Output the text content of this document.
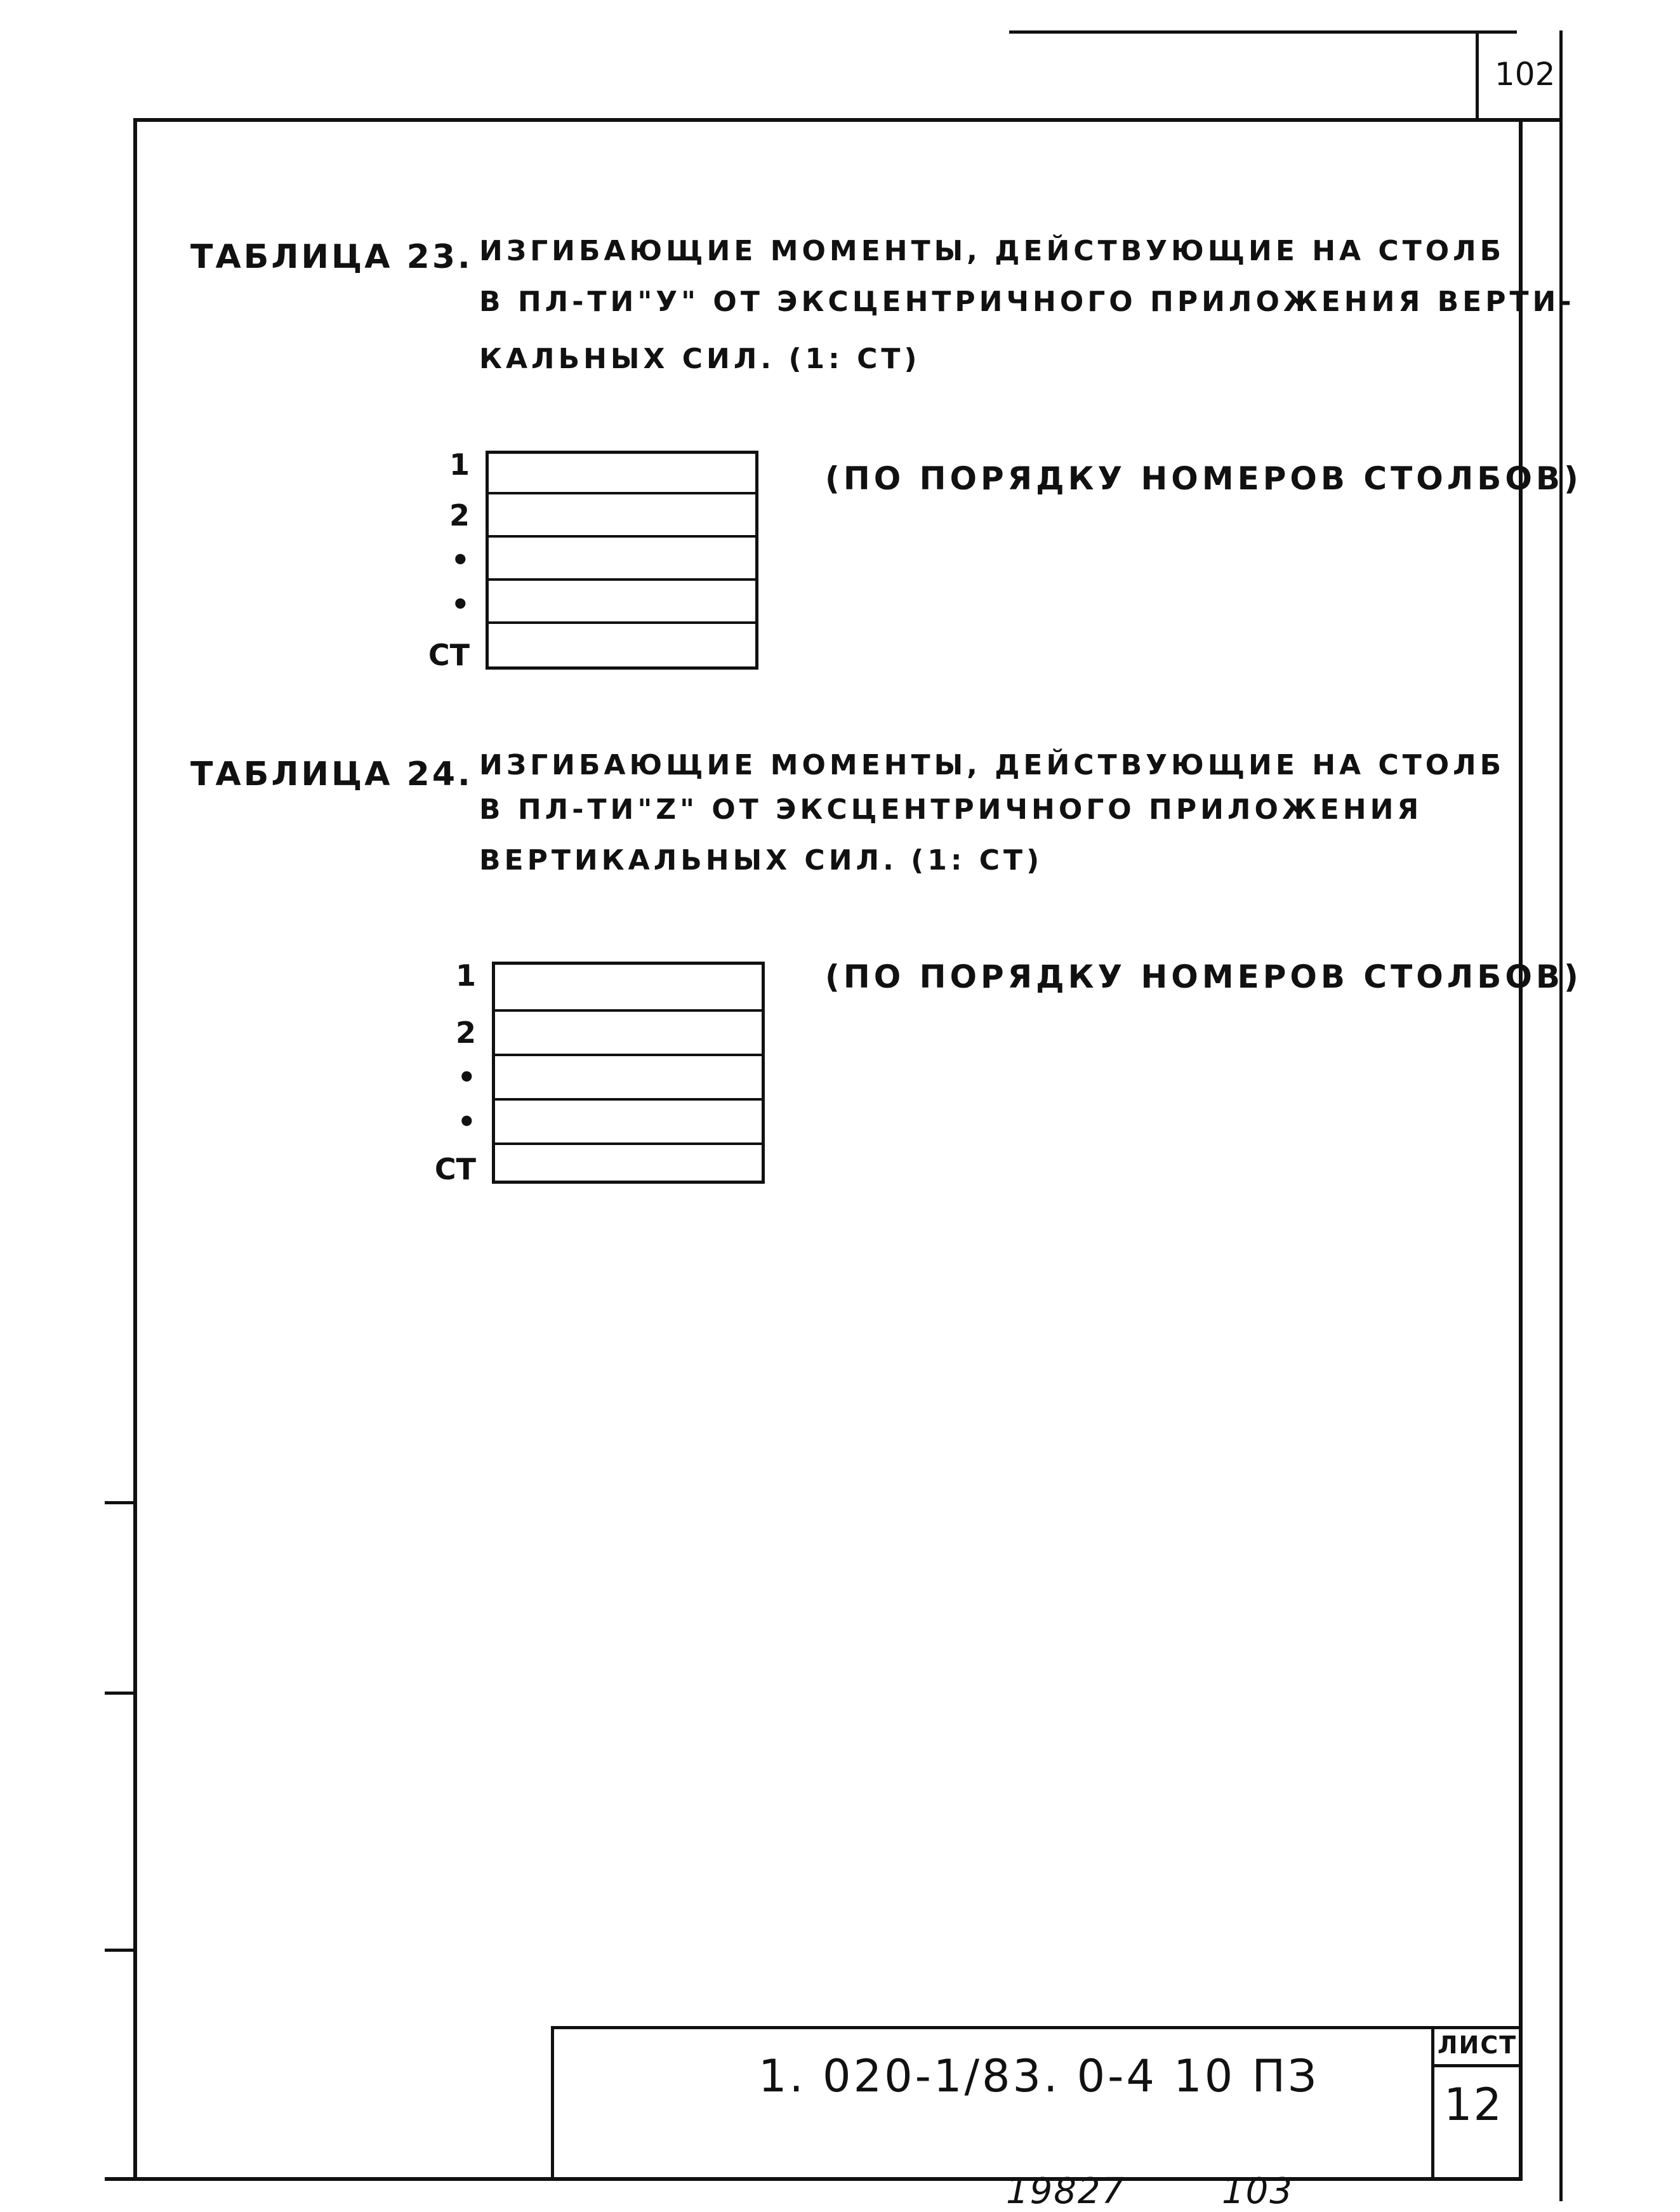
102
ТАБЛИЦА 23. ИЗГИБАЮЩИЕ МОМЕНТЫ, ДЕЙСТВУЮЩИЕ НА СТОЛБ
В ПЛ-ТИ"У" ОТ ЭКСЦЕНТРИЧНОГО ПРИЛОЖЕНИЯ ВЕРТИ-
КАЛЬНЫХ СИЛ. (1: СТ)
1
2
•
•
СТ
(ПО ПОРЯДКУ НОМЕРОВ СТОЛБОВ)
ТАБЛИЦА 24. ИЗГИБАЮЩИЕ МОМЕНТЫ, ДЕЙСТВУЮЩИЕ НА СТОЛБ
В ПЛ-ТИ"Z" ОТ ЭКСЦЕНТРИЧНОГО ПРИЛОЖЕНИЯ
ВЕРТИКАЛЬНЫХ СИЛ. (1: СТ)
1
2
•
•
СТ
(ПО ПОРЯДКУ НОМЕРОВ СТОЛБОВ)
1. 020-1/83. 0-4 10 ПЗ
ЛИСТ
12
19827	103
